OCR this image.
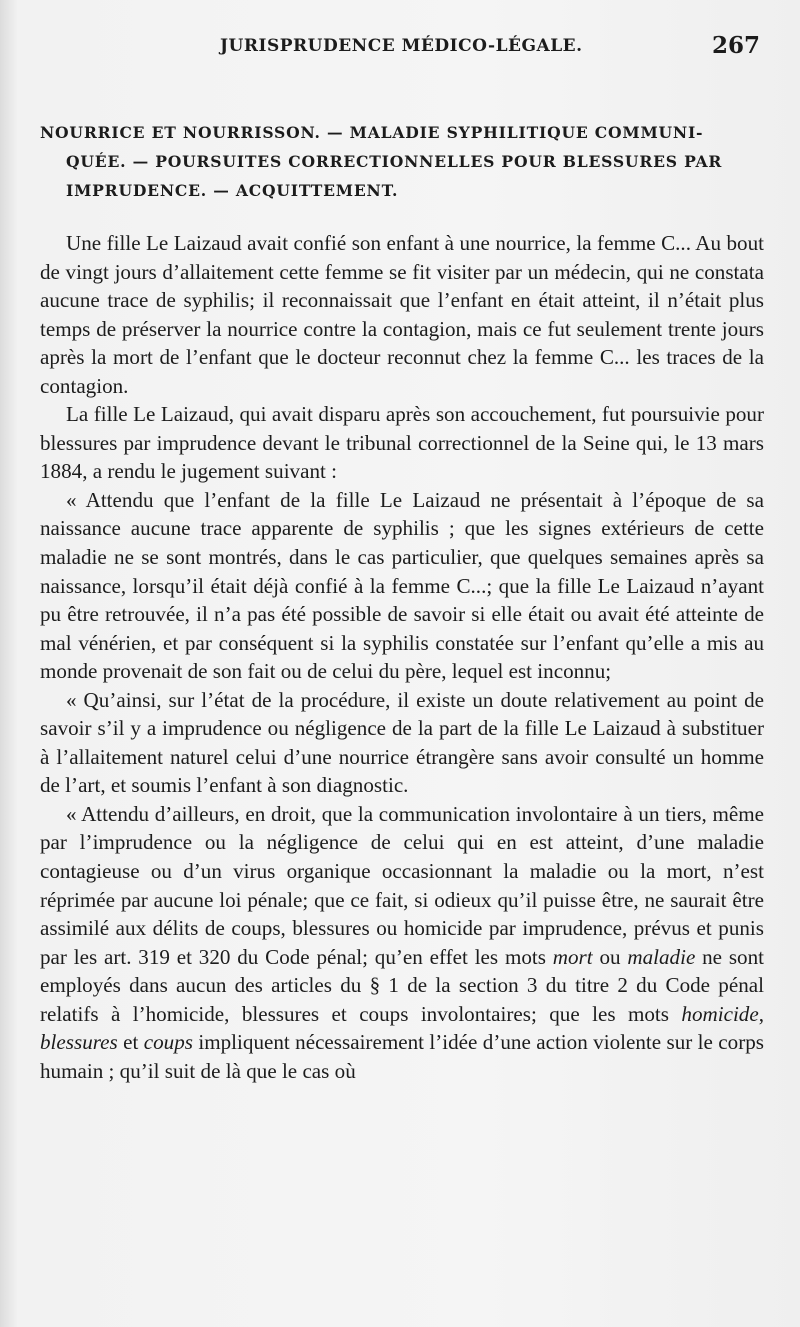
JURISPRUDENCE MÉDICO-LÉGALE.	267
NOURRICE ET NOURRISSON. — MALADIE SYPHILITIQUE COMMUNI-
QUÉE. — POURSUITES CORRECTIONNELLES POUR BLESSURES PAR
IMPRUDENCE. — ACQUITTEMENT.

Une fille Le Laizaud avait confié son enfant à une nourrice, la femme C... Au bout de vingt jours d’allaitement cette femme se fit visiter par un médecin, qui ne constata aucune trace de syphilis; il reconnaissait que l’enfant en était atteint, il n’était plus temps de préserver la nourrice contre la contagion, mais ce fut seulement trente jours après la mort de l’enfant que le docteur reconnut chez la femme C... les traces de la contagion.

La fille Le Laizaud, qui avait disparu après son accouchement, fut poursuivie pour blessures par imprudence devant le tribunal correctionnel de la Seine qui, le 13 mars 1884, a rendu le jugement suivant :

« Attendu que l’enfant de la fille Le Laizaud ne présentait à l’époque de sa naissance aucune trace apparente de syphilis ; que les signes extérieurs de cette maladie ne se sont montrés, dans le cas particulier, que quelques semaines après sa naissance, lorsqu’il était déjà confié à la femme C...; que la fille Le Laizaud n’ayant pu être retrouvée, il n’a pas été possible de savoir si elle était ou avait été atteinte de mal vénérien, et par conséquent si la syphilis constatée sur l’enfant qu’elle a mis au monde provenait de son fait ou de celui du père, lequel est inconnu;

« Qu’ainsi, sur l’état de la procédure, il existe un doute relativement au point de savoir s’il y a imprudence ou négligence de la part de la fille Le Laizaud à substituer à l’allaitement naturel celui d’une nourrice étrangère sans avoir consulté un homme de l’art, et soumis l’enfant à son diagnostic.

« Attendu d’ailleurs, en droit, que la communication involontaire à un tiers, même par l’imprudence ou la négligence de celui qui en est atteint, d’une maladie contagieuse ou d’un virus organique occasionnant la maladie ou la mort, n’est réprimée par aucune loi pénale; que ce fait, si odieux qu’il puisse être, ne saurait être assimilé aux délits de coups, blessures ou homicide par imprudence, prévus et punis par les art. 319 et 320 du Code pénal; qu’en effet les mots mort ou maladie ne sont employés dans aucun des articles du § 1 de la section 3 du titre 2 du Code pénal relatifs à l’homicide, blessures et coups involontaires; que les mots homicide, blessures et coups impliquent nécessairement l’idée d’une action violente sur le corps humain ; qu’il suit de là que le cas où
